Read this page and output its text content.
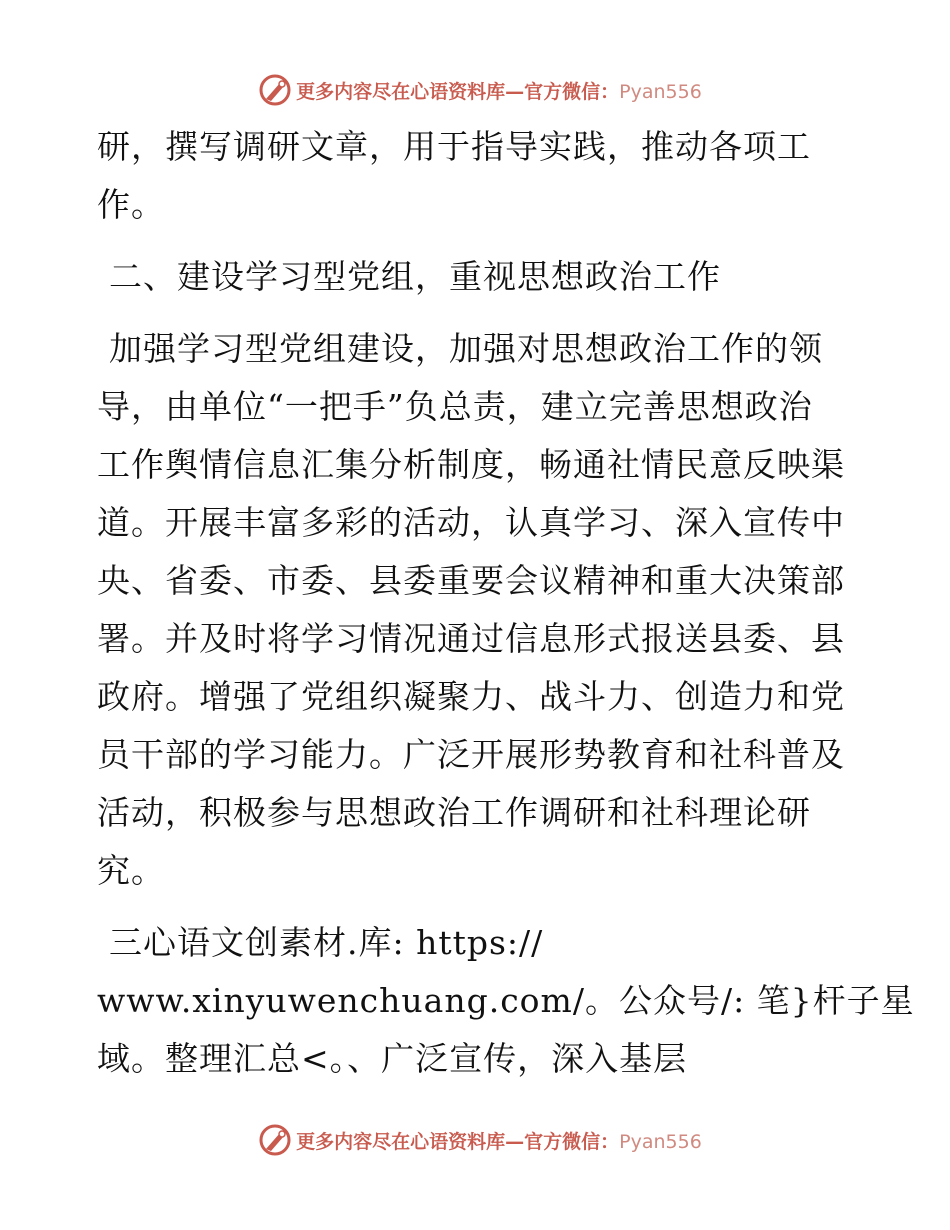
更多内容尽在心语资料库—官方微信：Pyan556
研，撰写调研文章，用于指导实践，推动各项工
作。
二、建设学习型党组，重视思想政治工作
加强学习型党组建设，加强对思想政治工作的领
导，由单位“一把手”负总责，建立完善思想政治
工作舆情信息汇集分析制度，畅通社情民意反映渠
道。开展丰富多彩的活动，认真学习、深入宣传中
央、省委、市委、县委重要会议精神和重大决策部
署。并及时将学习情况通过信息形式报送县委、县
政府。增强了党组织凝聚力、战斗力、创造力和党
员干部的学习能力。广泛开展形势教育和社科普及
活动，积极参与思想政治工作调研和社科理论研
究。
三心语文创素材.库: https://
www.xinyuwenchuang.com/。公众号/: 笔}杆子星
域。整理汇总<。、广泛宣传，深入基层
更多内容尽在心语资料库—官方微信：Pyan556
